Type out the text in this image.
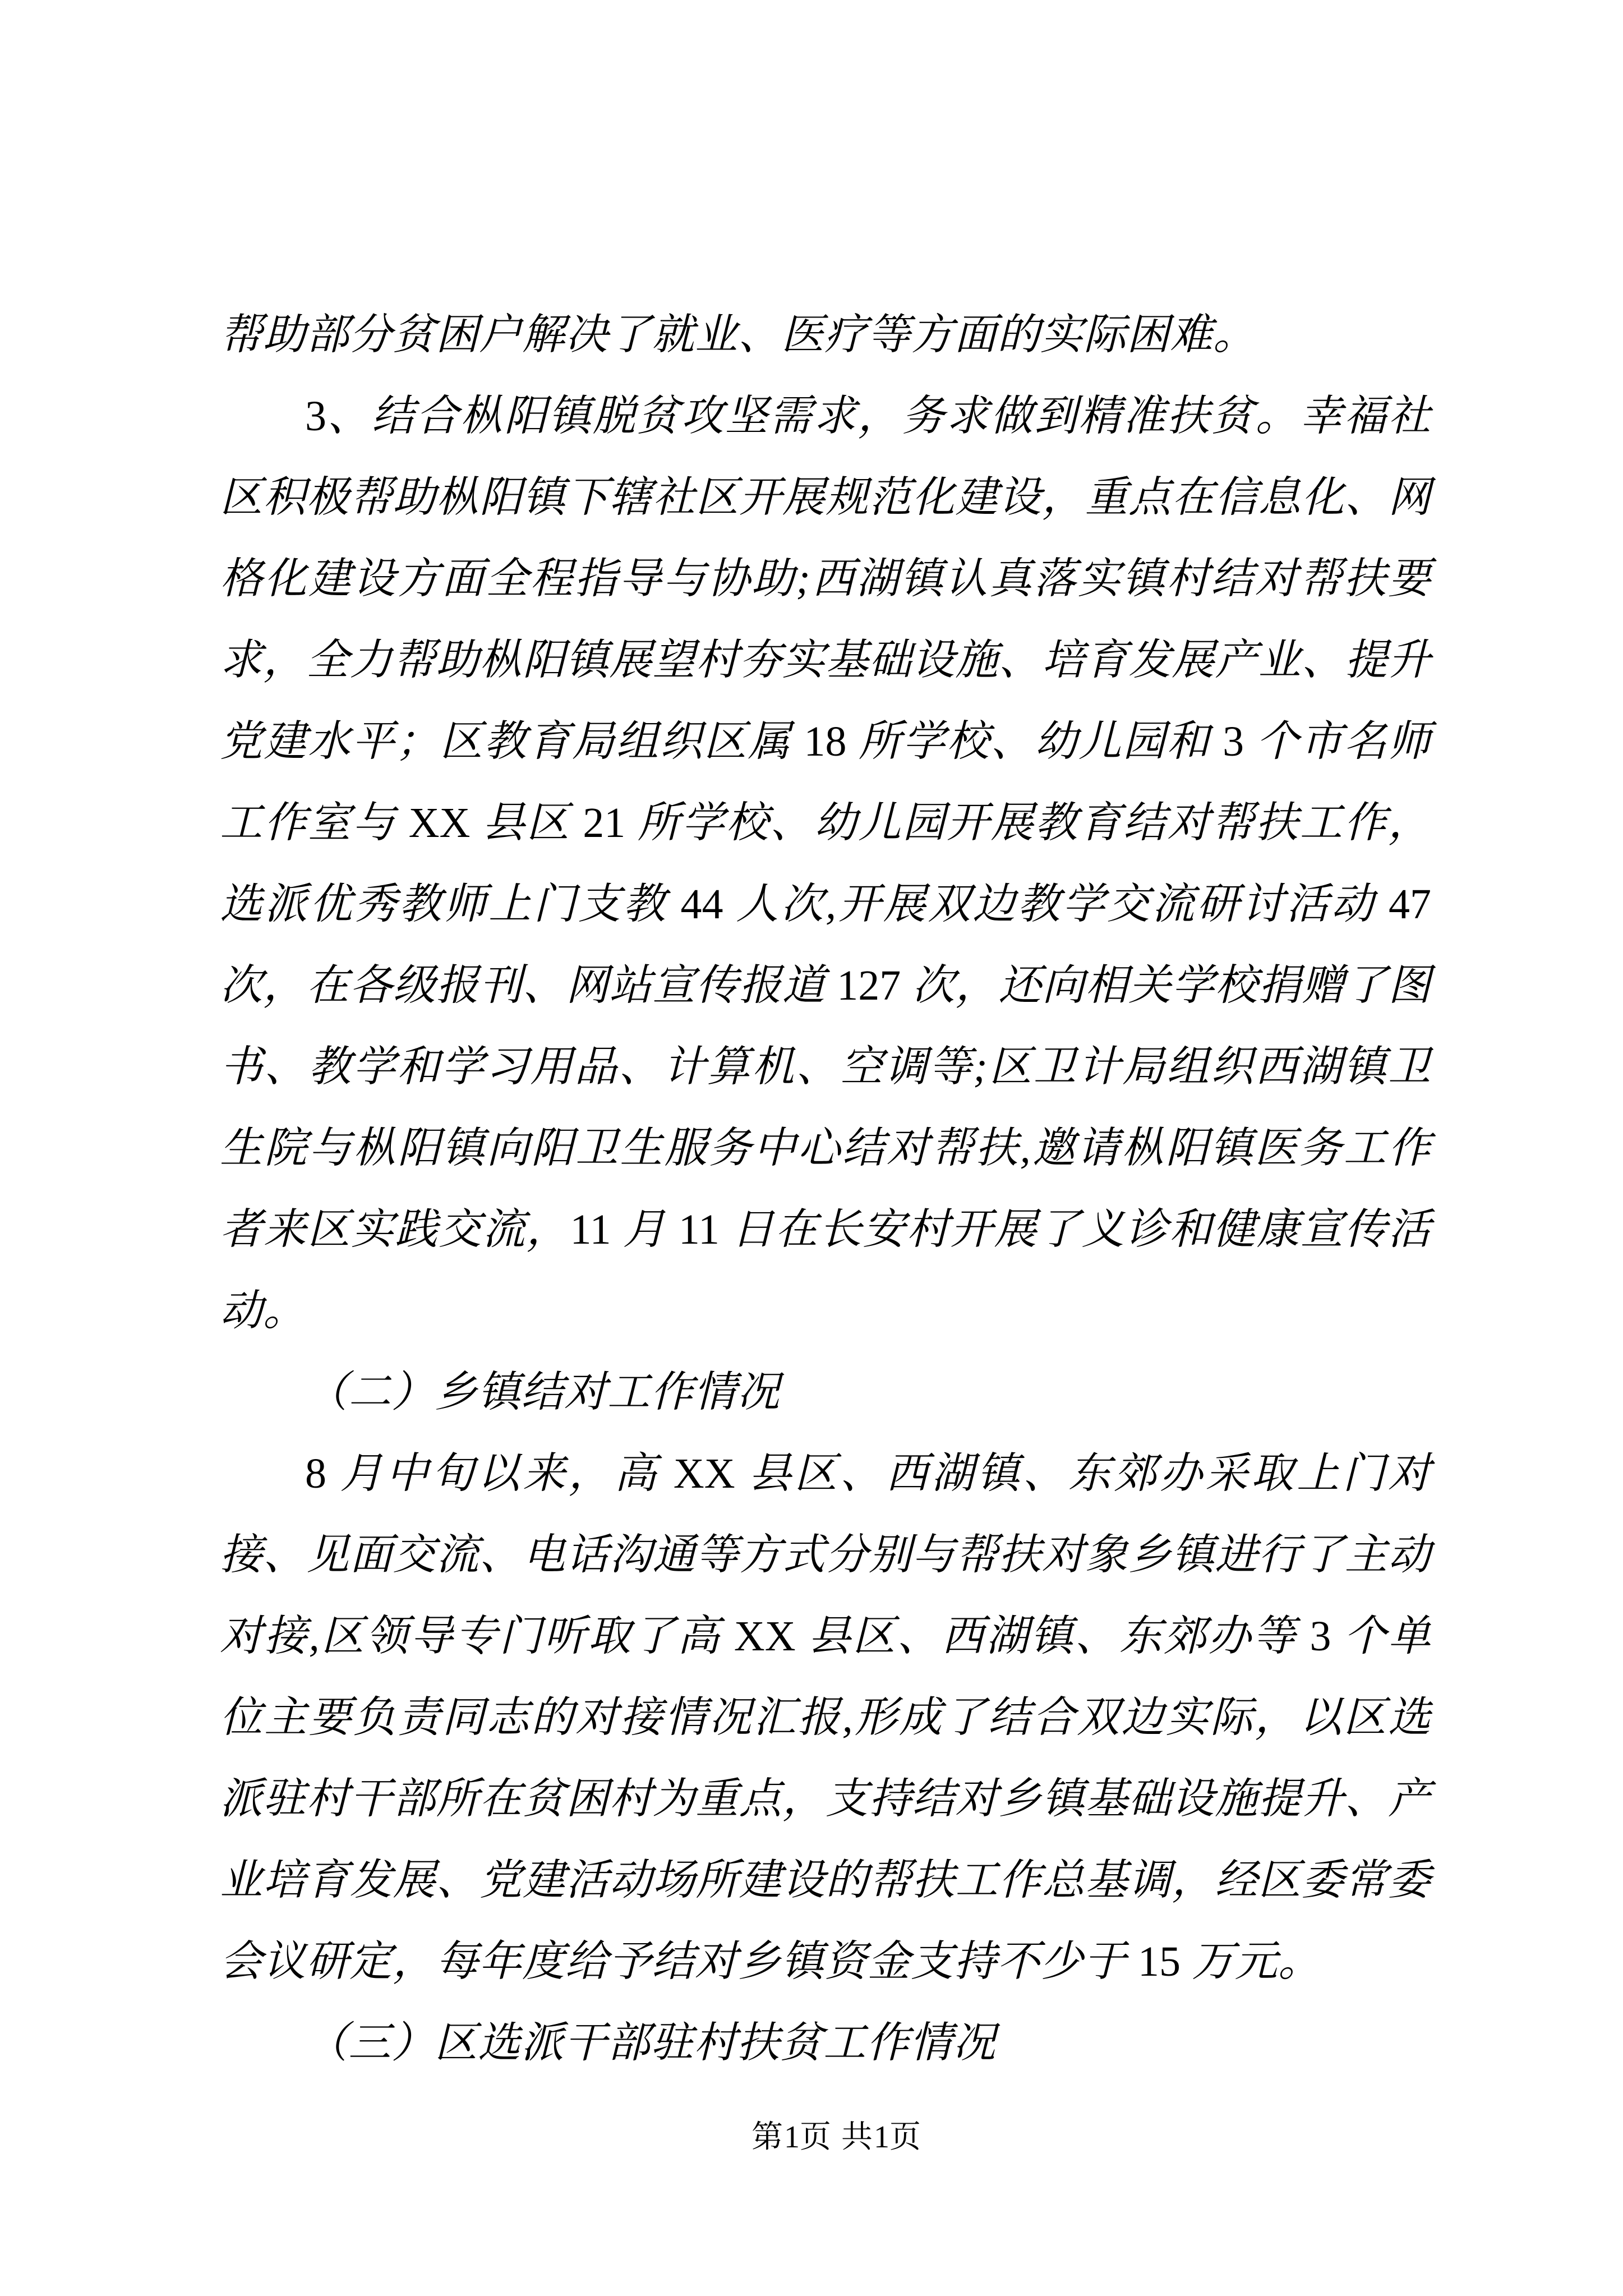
帮助部分贫困户解决了就业、医疗等方面的实际困难。

3、结合枞阳镇脱贫攻坚需求，务求做到精准扶贫。幸福社区积极帮助枞阳镇下辖社区开展规范化建设，重点在信息化、网格化建设方面全程指导与协助;西湖镇认真落实镇村结对帮扶要求，全力帮助枞阳镇展望村夯实基础设施、培育发展产业、提升党建水平；区教育局组织区属 18 所学校、幼儿园和 3 个市名师工作室与 XX 县区 21 所学校、幼儿园开展教育结对帮扶工作，选派优秀教师上门支教 44 人次,开展双边教学交流研讨活动 47 次，在各级报刊、网站宣传报道 127 次，还向相关学校捐赠了图书、教学和学习用品、计算机、空调等;区卫计局组织西湖镇卫生院与枞阳镇向阳卫生服务中心结对帮扶,邀请枞阳镇医务工作者来区实践交流，11 月 11 日在长安村开展了义诊和健康宣传活动。

（二）乡镇结对工作情况

8 月中旬以来，高 XX 县区、西湖镇、东郊办采取上门对接、见面交流、电话沟通等方式分别与帮扶对象乡镇进行了主动对接,区领导专门听取了高 XX 县区、西湖镇、东郊办等 3 个单位主要负责同志的对接情况汇报,形成了结合双边实际，以区选派驻村干部所在贫困村为重点，支持结对乡镇基础设施提升、产业培育发展、党建活动场所建设的帮扶工作总基调，经区委常委会议研定，每年度给予结对乡镇资金支持不少于 15 万元。

（三）区选派干部驻村扶贫工作情况

第1页 共1页
